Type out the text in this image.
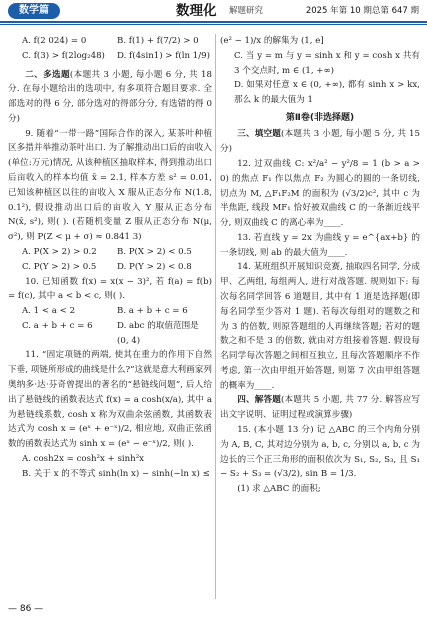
数学篇	数理化 解题研究	2025 年第 10 期总第 647 期
A. f(2 024) = 0	B. f(1) + f(7/2) > 0
C. f(3) > f(2log₂48)	D. f(4sin1) > f(ln 1/9)

二、多选题(本题共 3 小题, 每小题 6 分, 共 18 分. 在每小题给出的选项中, 有多项符合题目要求. 全部选对的得 6 分, 部分选对的得部分分, 有选错的得 0 分)

9. 随着“一带一路”国际合作的深入, 某茶叶种植区多措并举推动茶叶出口. 为了解推动出口后的亩收入(单位:万元)情况, 从该种植区抽取样本, 得到推动出口后亩收入的样本均值 x̄ = 2.1, 样本方差 s² = 0.01, 已知该种植区以往的亩收入 X 服从正态分布 N(1.8, 0.1²), 假设推动出口后的亩收入 Y 服从正态分布 N(x̄, s²), 则( ). (若随机变量 Z 服从正态分布 N(μ, σ²), 则 P(Z < μ + σ) ≈ 0.841 3)

A. P(X > 2) > 0.2	B. P(X > 2) < 0.5
C. P(Y > 2) > 0.5	D. P(Y > 2) < 0.8

10. 已知函数 f(x) = x(x − 3)², 若 f(a) = f(b) = f(c), 其中 a < b < c, 则( ).

A. 1 < a < 2	B. a + b + c = 6
C. a + b + c = 6	D. abc 的取值范围是 (0, 4)

11. “固定项链的两端, 使其在重力的作用下自然下垂, 项链所形成的曲线是什么?”这就是意大利画家列奥纳多·达·芬奇曾提出的著名的“悬链线问题”, 后人给出了悬链线的函数表达式 f(x) = a cosh(x/a), 其中 a 为悬链线系数, cosh x 称为双曲余弦函数, 其函数表达式为 cosh x = (eˣ + e⁻ˣ)/2, 相应地, 双曲正弦函数的函数表达式为 sinh x = (eˣ − e⁻ˣ)/2, 则( ).

A. cosh2x = cosh²x + sinh²x

B. 关于 x 的不等式 sinh(ln x) − sinh(−ln x) ≤

(e² − 1)/x 的解集为 (1, e]

C. 当 y = m 与 y = sinh x 和 y = cosh x 共有 3 个交点时, m ∈ (1, +∞)

D. 如果对任意 x ∈ (0, +∞), 都有 sinh x > kx, 那么 k 的最大值为 1

第Ⅱ卷(非选择题)

三、填空题(本题共 3 小题, 每小题 5 分, 共 15 分)

12. 过双曲线 C: x²/a² − y²/8 = 1 (b > a > 0) 的焦点 F₁ 作以焦点 F₂ 为圆心的圆的一条切线, 切点为 M, △F₁F₂M 的面积为 (√3/2)c², 其中 c 为半焦距, 线段 MF₁ 恰好被双曲线 C 的一条渐近线平分, 则双曲线 C 的离心率为____.

13. 若直线 y = 2x 为曲线 y = e^{ax+b} 的一条切线, 则 ab 的最大值为____.

14. 某班组织开展知识竞赛, 抽取四名同学, 分成甲、乙两组, 每组两人, 进行对战答题. 规则如下: 每次每名同学回答 6 道题目, 其中有 1 道是选择题(即每名同学至少答对 1 题). 若每次每组对的题数之和为 3 的倍数, 则原答题组的人再继续答题; 若对的题数之和不是 3 的倍数, 就由对方组接着答题. 假设每名同学每次答题之间相互独立, 且每次答题顺序不作考虑, 第一次由甲组开始答题, 则第 7 次由甲组答题的概率为____.

四、解答题(本题共 5 小题, 共 77 分. 解答应写出文字说明、证明过程或演算步骤)

15. (本小题 13 分) 记 △ABC 的三个内角分别为 A, B, C, 其对边分别为 a, b, c, 分别以 a, b, c 为边长的三个正三角形的面积依次为 S₁, S₂, S₃, 且 S₁ − S₂ + S₃ = (√3/2), sin B = 1/3.

(1) 求 △ABC 的面积;

— 86 —
